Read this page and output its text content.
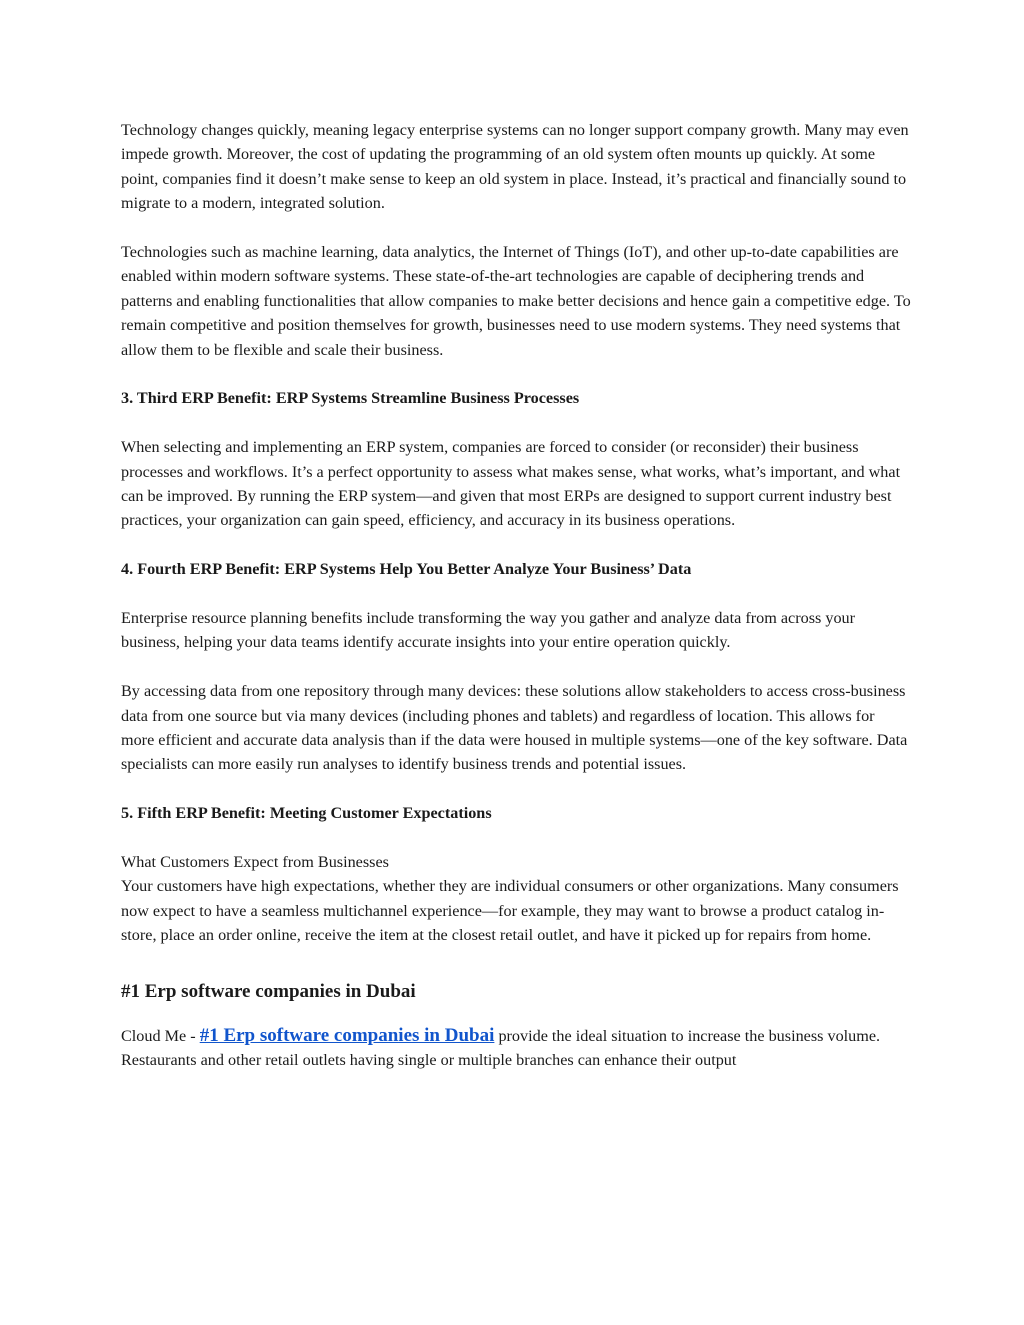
Technology changes quickly, meaning legacy enterprise systems can no longer support company growth. Many may even impede growth. Moreover, the cost of updating the programming of an old system often mounts up quickly. At some point, companies find it doesn’t make sense to keep an old system in place. Instead, it’s practical and financially sound to migrate to a modern, integrated solution.

Technologies such as machine learning, data analytics, the Internet of Things (IoT), and other up-to-date capabilities are enabled within modern software systems. These state-of-the-art technologies are capable of deciphering trends and patterns and enabling functionalities that allow companies to make better decisions and hence gain a competitive edge. To remain competitive and position themselves for growth, businesses need to use modern systems. They need systems that allow them to be flexible and scale their business.

3. Third ERP Benefit: ERP Systems Streamline Business Processes

When selecting and implementing an ERP system, companies are forced to consider (or reconsider) their business processes and workflows. It’s a perfect opportunity to assess what makes sense, what works, what’s important, and what can be improved. By running the ERP system—and given that most ERPs are designed to support current industry best practices, your organization can gain speed, efficiency, and accuracy in its business operations.

4. Fourth ERP Benefit: ERP Systems Help You Better Analyze Your Business’ Data

Enterprise resource planning benefits include transforming the way you gather and analyze data from across your business, helping your data teams identify accurate insights into your entire operation quickly.

By accessing data from one repository through many devices: these solutions allow stakeholders to access cross-business data from one source but via many devices (including phones and tablets) and regardless of location. This allows for more efficient and accurate data analysis than if the data were housed in multiple systems—one of the key software. Data specialists can more easily run analyses to identify business trends and potential issues.

5. Fifth ERP Benefit: Meeting Customer Expectations

What Customers Expect from Businesses

Your customers have high expectations, whether they are individual consumers or other organizations. Many consumers now expect to have a seamless multichannel experience—for example, they may want to browse a product catalog in-store, place an order online, receive the item at the closest retail outlet, and have it picked up for repairs from home.

#1 Erp software companies in Dubai

Cloud Me - #1 Erp software companies in Dubai provide the ideal situation to increase the business volume. Restaurants and other retail outlets having single or multiple branches can enhance their output
